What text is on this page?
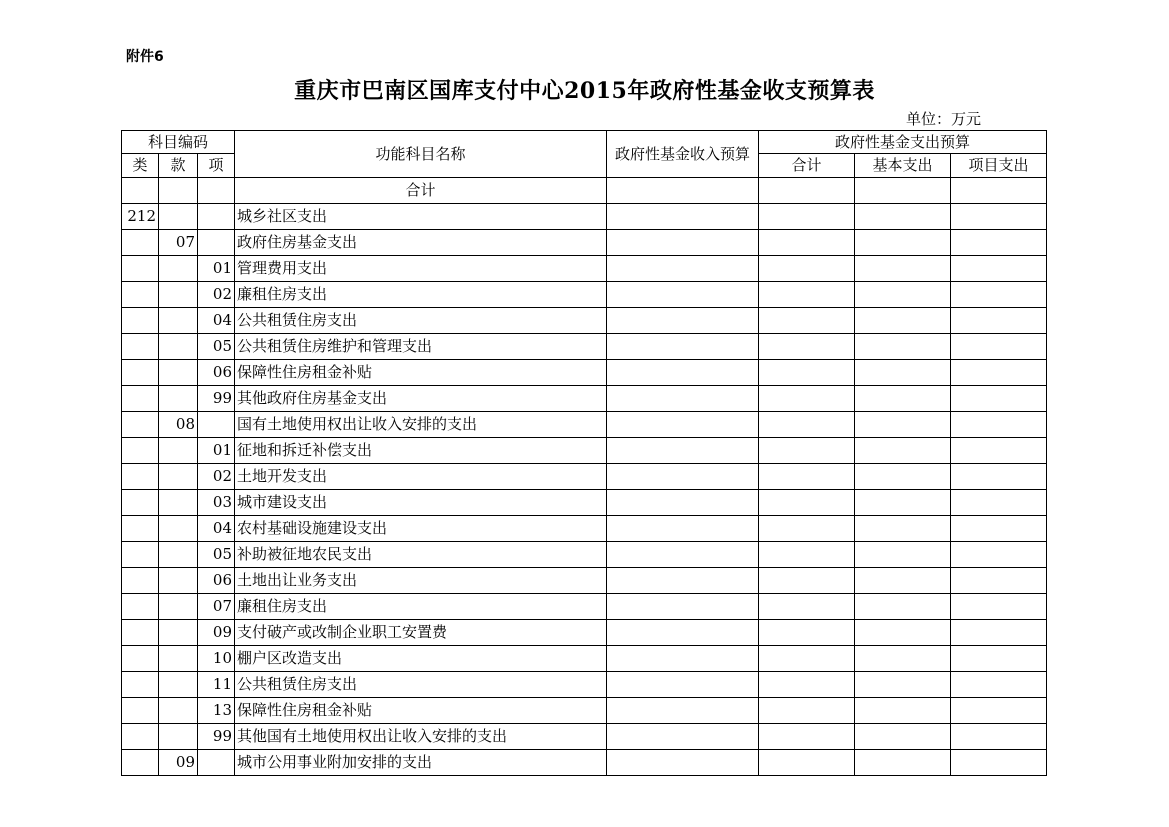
附件6
重庆市巴南区国库支付中心2015年政府性基金收支预算表
单位：万元
科目编码			功能科目名称	政府性基金收入预算	政府性基金支出预算		
类	款	项			合计	基本支出	项目支出
			合计				
212			城乡社区支出				
	07		政府住房基金支出				
		01	管理费用支出				
		02	廉租住房支出				
		04	公共租赁住房支出				
		05	公共租赁住房维护和管理支出				
		06	保障性住房租金补贴				
		99	其他政府住房基金支出				
	08		国有土地使用权出让收入安排的支出				
		01	征地和拆迁补偿支出				
		02	土地开发支出				
		03	城市建设支出				
		04	农村基础设施建设支出				
		05	补助被征地农民支出				
		06	土地出让业务支出				
		07	廉租住房支出				
		09	支付破产或改制企业职工安置费				
		10	棚户区改造支出				
		11	公共租赁住房支出				
		13	保障性住房租金补贴				
		99	其他国有土地使用权出让收入安排的支出				
	09		城市公用事业附加安排的支出				
